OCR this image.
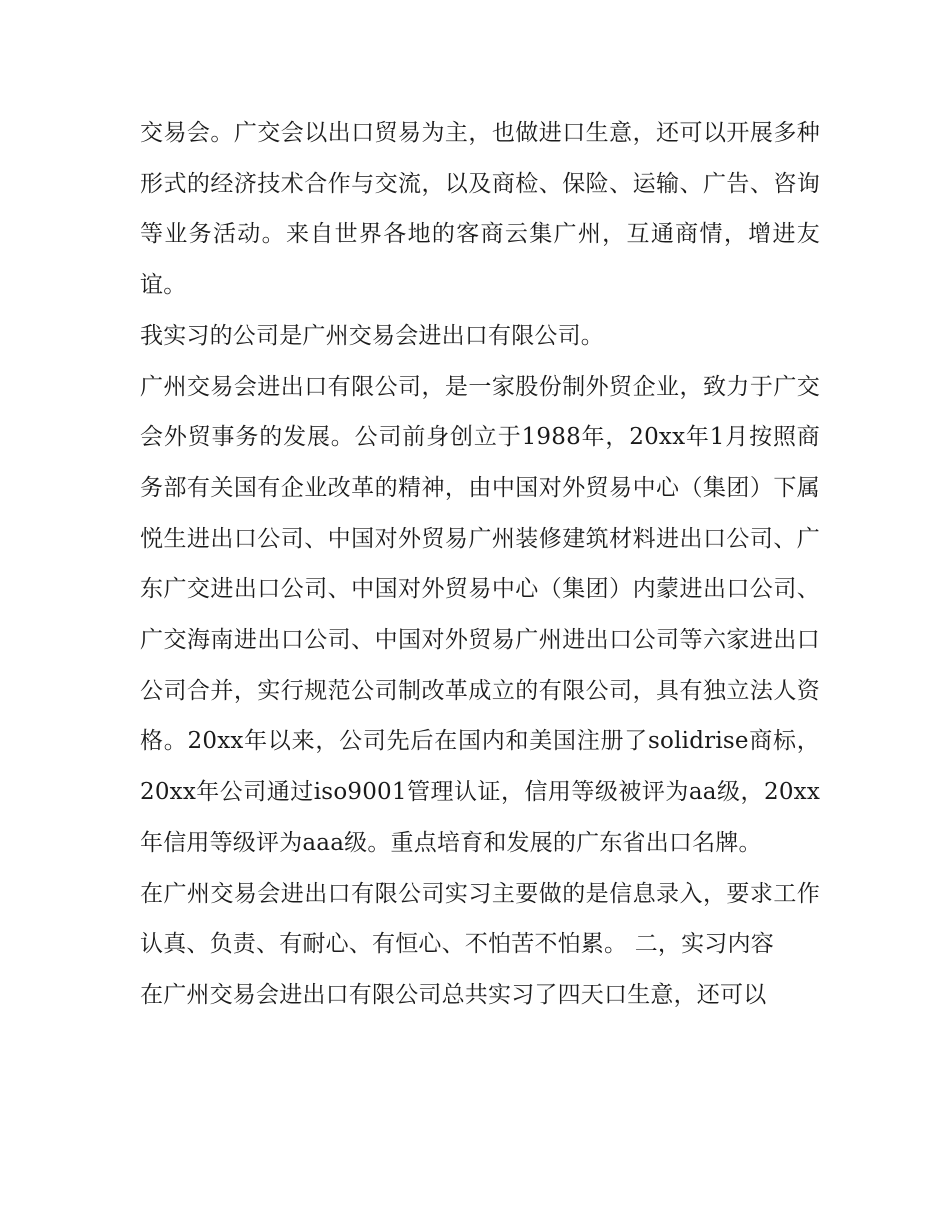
交易会。广交会以出口贸易为主，也做进口生意，还可以开展多种形式的经济技术合作与交流，以及商检、保险、运输、广告、咨询等业务活动。来自世界各地的客商云集广州，互通商情，增进友谊。

我实习的公司是广州交易会进出口有限公司。

广州交易会进出口有限公司，是一家股份制外贸企业，致力于广交会外贸事务的发展。公司前身创立于1988年，20xx年1月按照商务部有关国有企业改革的精神，由中国对外贸易中心（集团）下属悦生进出口公司、中国对外贸易广州装修建筑材料进出口公司、广东广交进出口公司、中国对外贸易中心（集团）内蒙进出口公司、广交海南进出口公司、中国对外贸易广州进出口公司等六家进出口公司合并，实行规范公司制改革成立的有限公司，具有独立法人资格。20xx年以来，公司先后在国内和美国注册了solidrise商标，20xx年公司通过iso9001管理认证，信用等级被评为aa级，20xx年信用等级评为aaa级。重点培育和发展的广东省出口名牌。

在广州交易会进出口有限公司实习主要做的是信息录入，要求工作认真、负责、有耐心、有恒心、不怕苦不怕累。 二，实习内容

在广州交易会进出口有限公司总共实习了四天口生意，还可以
